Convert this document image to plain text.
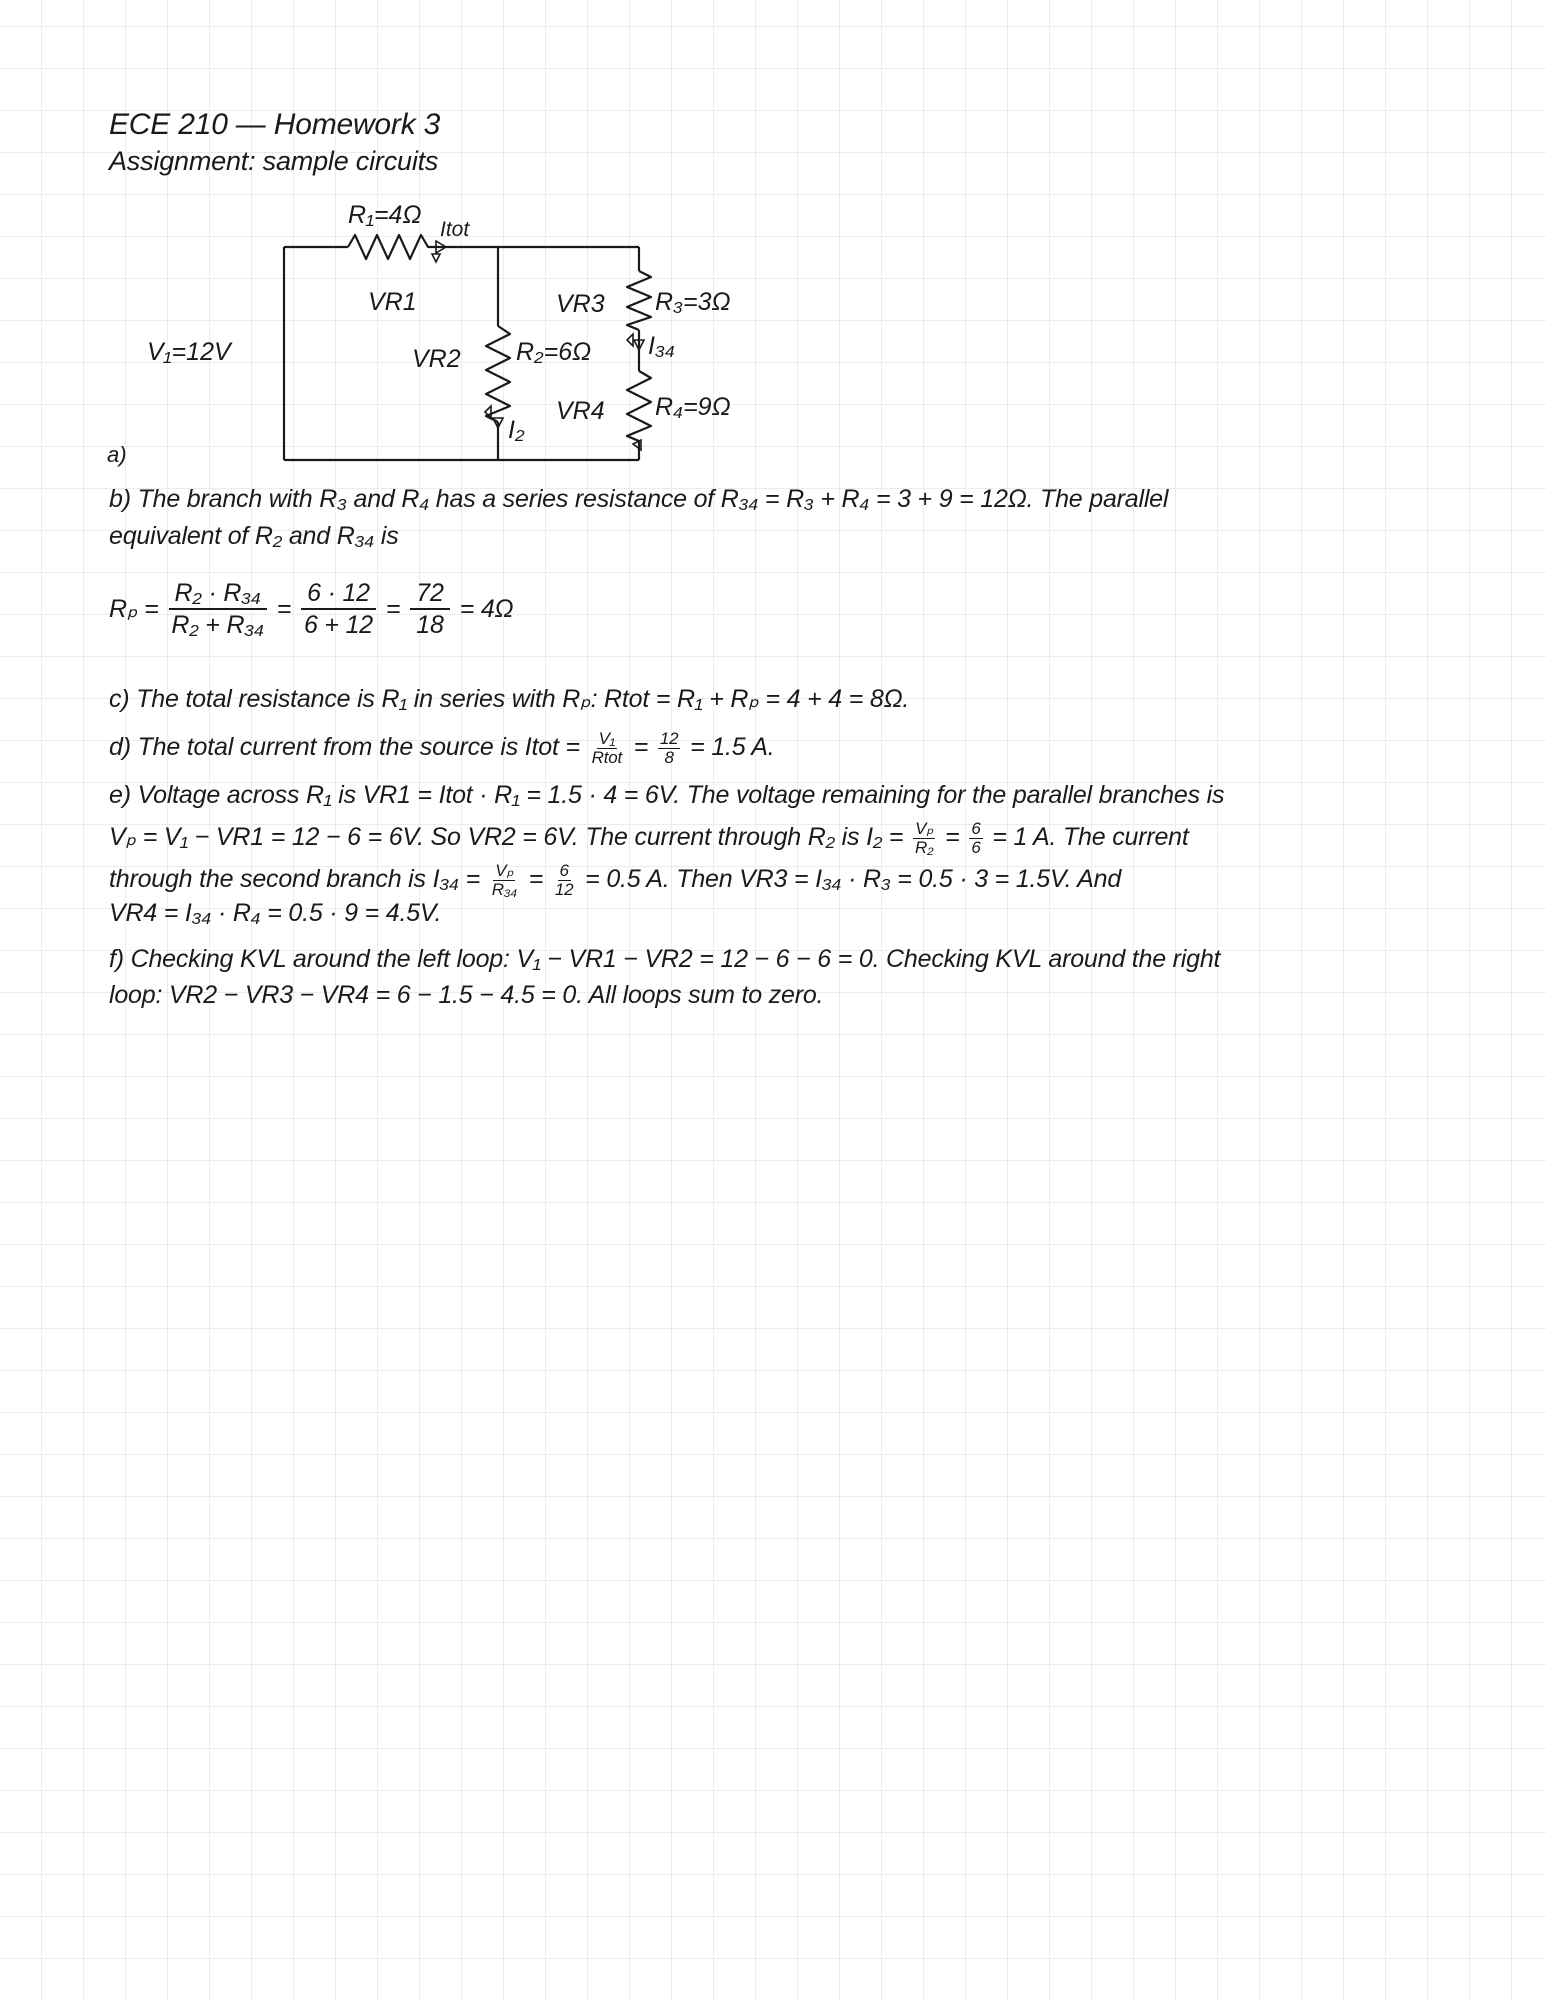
ECE 210 — Homework 3
Assignment: sample circuits
R₁=4Ω
Itot
VR1	VR3 R₃=3Ω
V₁=12V	VR2 R₂=6Ω I₃₄
VR4 R₄=9Ω
I₂
a)
b) The branch with R₃ and R₄ has a series resistance of R₃₄ = R₃ + R₄ = 3 + 9 = 12Ω. The parallel
equivalent of R₂ and R₃₄ is
c) The total resistance is R₁ in series with Rₚ: Rtot = R₁ + Rₚ = 4 + 4 = 8Ω.
d) The total current from the source is Itot = $\frac{\text{V₁}}{\text{Rtot}} = \frac{12}{8} = 1.5$ A.
e) Voltage across R₁ is VR1 = Itot · R₁ = 1.5 · 4 = 6V. The voltage remaining for the parallel branches is
Vₚ = V₁ − VR1 = 12 − 6 = 6V. So VR2 = 6V. The current through R₂ is $I_2 = \frac{\text{Vₚ}}{\text{R₂}} = \frac{6}{6} = 1$ A. The current
through the second branch is $I_{34} = \frac{\text{Vₚ}}{\text{R₃₄}} = \frac{6}{12} = 0.5$ A. Then VR3 = I₃₄ · R₃ = 0.5 · 3 = 1.5V. And
VR4 = I₃₄ · R₄ = 0.5 · 9 = 4.5V.
f) Checking KVL around the left loop: V₁ − VR1 − VR2 = 12 − 6 − 6 = 0. Checking KVL around the right
loop: VR2 − VR3 − VR4 = 6 − 1.5 − 4.5 = 0. All loops sum to zero.
$R_p = \frac{\text{R₂ · R₃₄}}{\text{R₂ + R₃₄}} = \frac{6 \cdot 12}{6 + 12} = \frac{72}{18} = 4\Omega$
